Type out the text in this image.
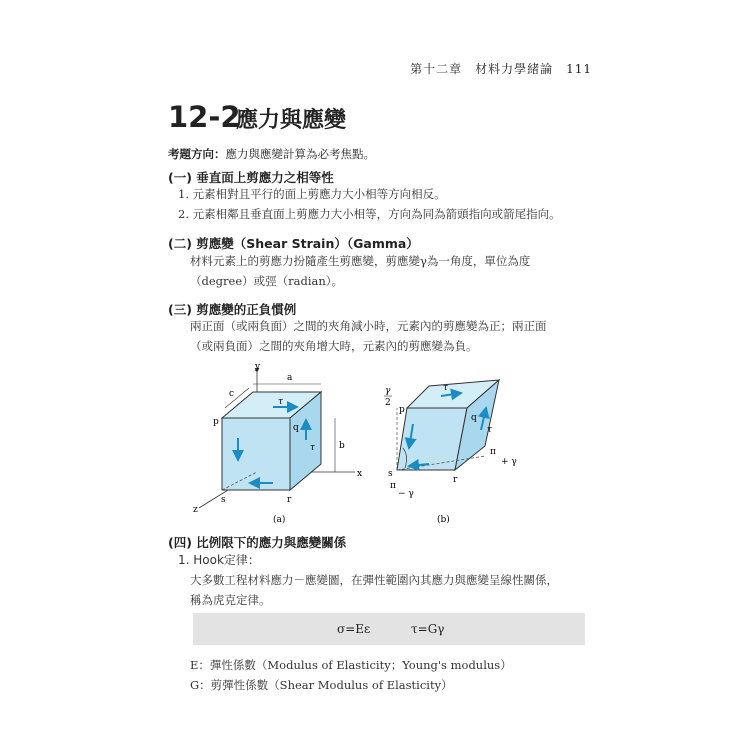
第十二章　材料力學緒論　111
12-2
應力與應變
考題方向：應力與應變計算為必考焦點。
(一) 垂直面上剪應力之相等性
1. 元素相對且平行的面上剪應力大小相等方向相反。
2. 元素相鄰且垂直面上剪應力大小相等，方向為同為箭頭指向或箭尾指向。
(二) 剪應變（Shear Strain）（Gamma）
材料元素上的剪應力扮隨產生剪應變，剪應變γ為一角度，單位為度
（degree）或弳（radian）。
(三) 剪應變的正負慣例
兩正面（或兩負面）之間的夾角減小時，元素內的剪應變為正；兩正面
（或兩負面）之間的夾角增大時，元素內的剪應變為負。
y
x
z
a
b
c
p
q
r
s
τ
τ
(a)
γ
2
p
q
r
s
τ
τ
π
+ γ
π
− γ
(b)
(四) 比例限下的應力與應變關係
1. Hook定律：
大多數工程材料應力－應變圖，在彈性範圍內其應力與應變呈線性關係，
稱為虎克定律。
σ=Eε	τ=Gγ
E：彈性係數（Modulus of Elasticity；Young's modulus）
G：剪彈性係數（Shear Modulus of Elasticity）
